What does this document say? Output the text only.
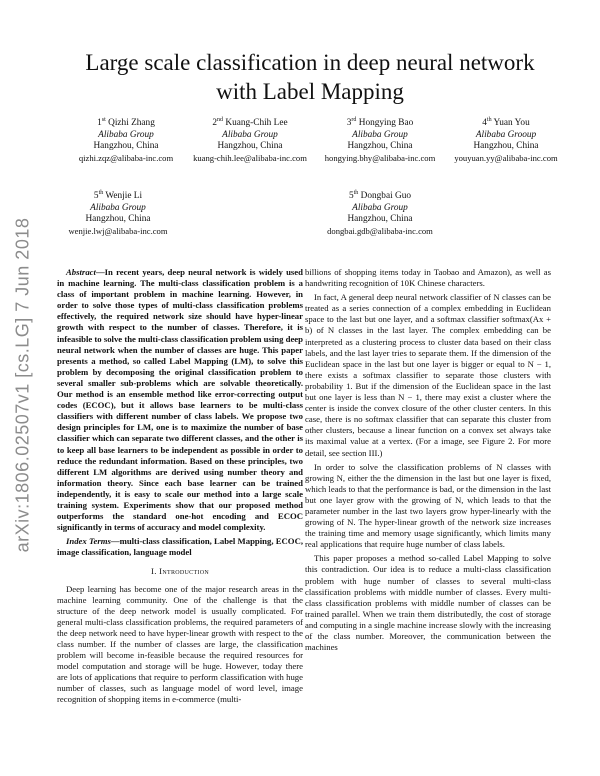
arXiv:1806.02507v1 [cs.LG] 7 Jun 2018
Large scale classification in deep neural network
with Label Mapping
1st Qizhi Zhang
Alibaba Group
Hangzhou, China
qizhi.zqz@alibaba-inc.com
2nd Kuang-Chih Lee
Alibaba Group
Hangzhou, China
kuang-chih.lee@alibaba-inc.com
3rd Hongying Bao
Alibaba Group
Hangzhou, China
hongying.bhy@alibaba-inc.com
4th Yuan You
Alibaba Grooup
Hangzhou, China
youyuan.yy@alibaba-inc.com
5th Wenjie Li
Alibaba Group
Hangzhou, China
wenjie.lwj@alibaba-inc.com
5th Dongbai Guo
Alibaba Group
Hangzhou, China
dongbai.gdb@alibaba-inc.com

Abstract—In recent years, deep neural network is widely used in machine learning. The multi-class classification problem is a class of important problem in machine learning. However, in order to solve those types of multi-class classification problems effectively, the required network size should have hyper-linear growth with respect to the number of classes. Therefore, it is infeasible to solve the multi-class classification problem using deep neural network when the number of classes are huge. This paper presents a method, so called Label Mapping (LM), to solve this problem by decomposing the original classification problem to several smaller sub-problems which are solvable theoretically. Our method is an ensemble method like error-correcting output codes (ECOC), but it allows base learners to be multi-class classifiers with different number of class labels. We propose two design principles for LM, one is to maximize the number of base classifier which can separate two different classes, and the other is to keep all base learners to be independent as possible in order to reduce the redundant information. Based on these principles, two different LM algorithms are derived using number theory and information theory. Since each base learner can be trained independently, it is easy to scale our method into a large scale training system. Experiments show that our proposed method outperforms the standard one-hot encoding and ECOC significantly in terms of accuracy and model complexity.

Index Terms—multi-class classification, Label Mapping, ECOC, image classification, language model

I. Introduction

Deep learning has become one of the major research areas in the machine learning community. One of the challenge is that the structure of the deep network model is usually complicated. For general multi-class classification problems, the required parameters of the deep network need to have hyper-linear growth with respect to the class number. If the number of classes are large, the classification problem will become in-feasible because the required resources for model computation and storage will be huge. However, today there are lots of applications that require to perform classification with huge number of classes, such as language model of word level, image recognition of shopping items in e-commerce (multi-

billions of shopping items today in Taobao and Amazon), as well as handwriting recognition of 10K Chinese characters.

In fact, A general deep neural network classifier of N classes can be treated as a series connection of a complex embedding in Euclidean space to the last but one layer, and a softmax classifier softmax(Ax + b) of N classes in the last layer. The complex embedding can be interpreted as a clustering process to cluster data based on their class labels, and the last layer tries to separate them. If the dimension of the Euclidean space in the last but one layer is bigger or equal to N − 1, there exists a softmax classifier to separate those clusters with probability 1. But if the dimension of the Euclidean space in the last but one layer is less than N − 1, there may exist a cluster where the center is inside the convex closure of the other cluster centers. In this case, there is no softmax classifier that can separate this cluster from other clusters, because a linear function on a convex set always take its maximal value at a vertex. (For a image, see Figure 2. For more detail, see section III.)

In order to solve the classification problems of N classes with growing N, either the the dimension in the last but one layer is fixed, which leads to that the performance is bad, or the dimension in the last but one layer grow with the growing of N, which leads to that the parameter number in the last two layers grow hyper-linearly with the growing of N. The hyper-linear growth of the network size increases the training time and memory usage significantly, which limits many real applications that require huge number of class labels.

This paper proposes a method so-called Label Mapping to solve this contradiction. Our idea is to reduce a multi-class classification problem with huge number of classes to several multi-class classification problems with middle number of classes. Every multi-class classification problems with middle number of classes can be trained parallel. When we train them distributedly, the cost of storage and computing in a single machine increase slowly with the increasing of the class number. Moreover, the communication between the machines
